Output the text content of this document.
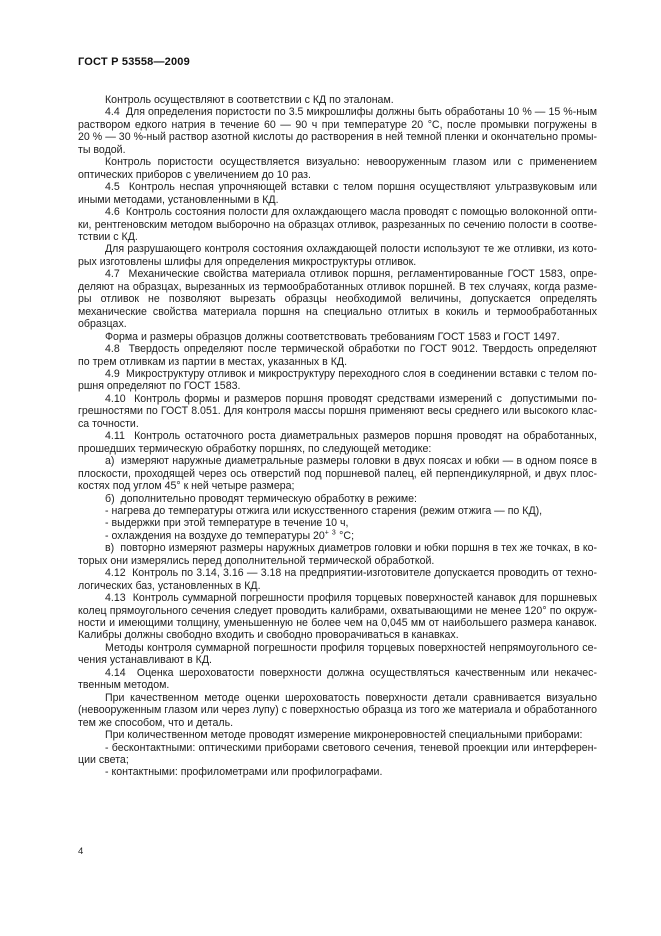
ГОСТ Р 53558—2009
Контроль осуществляют в соответствии с КД по эталонам.
4.4  Для определения пористости по 3.5 микрошлифы должны быть обработаны 10 % — 15 %-ным
раствором едкого натрия в течение 60 — 90 ч при температуре 20 °С, после промывки погружены в
20 % — 30 %-ный раствор азотной кислоты до растворения в ней темной пленки и окончательно промы-
ты водой.
Контроль пористости осуществляется визуально: невооруженным глазом или с применением
оптических приборов с увеличением до 10 раз.
4.5  Контроль неспая упрочняющей вставки с телом поршня осуществляют ультразвуковым или
иными методами, установленными в КД.
4.6  Контроль состояния полости для охлаждающего масла проводят с помощью волоконной опти-
ки, рентгеновским методом выборочно на образцах отливок, разрезанных по сечению полости в соотве-
тствии с КД.
Для разрушающего контроля состояния охлаждающей полости используют те же отливки, из кото-
рых изготовлены шлифы для определения микроструктуры отливок.
4.7  Механические свойства материала отливок поршня, регламентированные ГОСТ 1583, опре-
деляют на образцах, вырезанных из термообработанных отливок поршней. В тех случаях, когда разме-
ры отливок не позволяют вырезать образцы необходимой величины, допускается определять
механические свойства материала поршня на специально отлитых в кокиль и термообработанных
образцах.
Форма и размеры образцов должны соответствовать требованиям ГОСТ 1583 и ГОСТ 1497.
4.8  Твердость определяют после термической обработки по ГОСТ 9012. Твердость определяют
по трем отливкам из партии в местах, указанных в КД.
4.9  Микроструктуру отливок и микроструктуру переходного слоя в соединении вставки с телом по-
ршня определяют по ГОСТ 1583.
4.10  Контроль формы и размеров поршня проводят средствами измерений с  допустимыми по-
грешностями по ГОСТ 8.051. Для контроля массы поршня применяют весы среднего или высокого клас-
са точности.
4.11  Контроль остаточного роста диаметральных размеров поршня проводят на обработанных,
прошедших термическую обработку поршнях, по следующей методике:
а)  измеряют наружные диаметральные размеры головки в двух поясах и юбки — в одном поясе в
плоскости, проходящей через ось отверстий под поршневой палец, ей перпендикулярной, и двух плос-
костях под углом 45° к ней четыре размера;
б)  дополнительно проводят термическую обработку в режиме:
- нагрева до температуры отжига или искусственного старения (режим отжига — по КД),
- выдержки при этой температуре в течение 10 ч,
- охлаждения на воздухе до температуры $20^{+ 3}$ °С;
в)  повторно измеряют размеры наружных диаметров головки и юбки поршня в тех же точках, в ко-
торых они измерялись перед дополнительной термической обработкой.
4.12  Контроль по 3.14, 3.16 — 3.18 на предприятии-изготовителе допускается проводить от техно-
логических баз, установленных в КД.
4.13  Контроль суммарной погрешности профиля торцевых поверхностей канавок для поршневых
колец прямоугольного сечения следует проводить калибрами, охватывающими не менее 120° по окруж-
ности и имеющими толщину, уменьшенную не более чем на 0,045 мм от наибольшего размера канавок.
Калибры должны свободно входить и свободно проворачиваться в канавках.
Методы контроля суммарной погрешности профиля торцевых поверхностей непрямоугольного се-
чения устанавливают в КД.
4.14  Оценка шероховатости поверхности должна осуществляться качественным или некачес-
твенным методом.
При качественном методе оценки шероховатость поверхности детали сравнивается визуально
(невооруженным глазом или через лупу) с поверхностью образца из того же материала и обработанного
тем же способом, что и деталь.
При количественном методе проводят измерение микронеровностей специальными приборами:
- бесконтактными: оптическими приборами светового сечения, теневой проекции или интерферен-
ции света;
- контактными: профилометрами или профилографами.
4
